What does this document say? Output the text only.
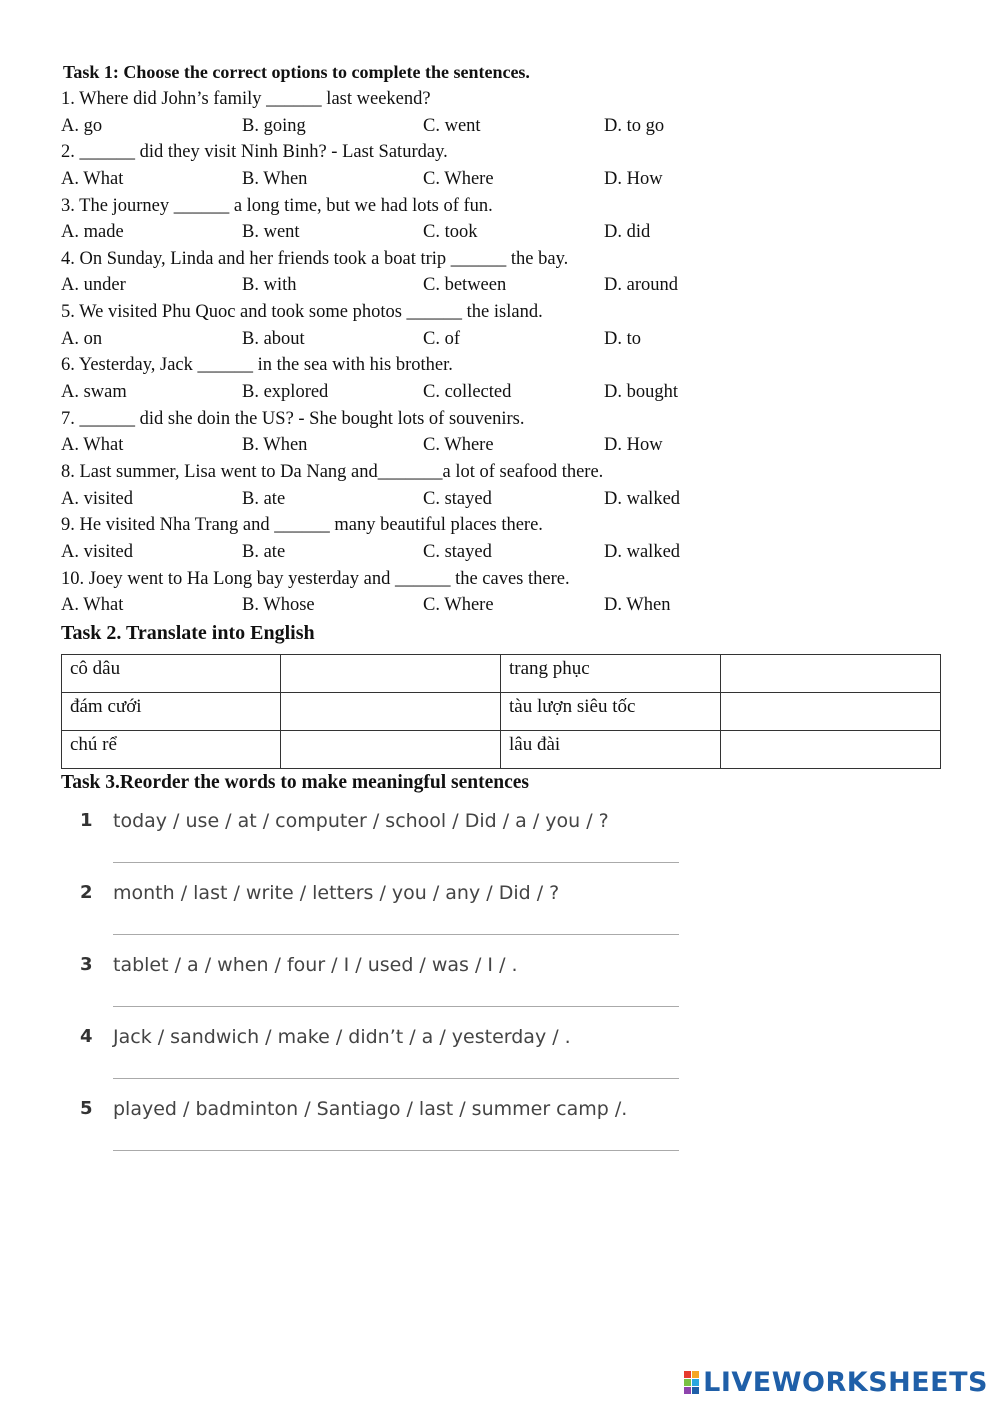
Task 1: Choose the correct options to complete the sentences.
1. Where did John’s family ______ last weekend?
A. go	B. going	C. went	D. to go
2. ______ did they visit Ninh Binh? - Last Saturday.
A. What	B. When	C. Where	D. How
3. The journey ______ a long time, but we had lots of fun.
A. made	B. went	C. took	D. did
4. On Sunday, Linda and her friends took a boat trip ______ the bay.
A. under	B. with	C. between	D. around
5. We visited Phu Quoc and took some photos ______ the island.
A. on	B. about	C. of	D. to
6. Yesterday, Jack ______ in the sea with his brother.
A. swam	B. explored	C. collected	D. bought
7. ______ did she doin the US? - She bought lots of souvenirs.
A. What	B. When	C. Where	D. How
8. Last summer, Lisa went to Da Nang and_______a lot of seafood there.
A. visited	B. ate	C. stayed	D. walked
9. He visited Nha Trang and ______ many beautiful places there.
A. visited	B. ate	C. stayed	D. walked
10. Joey went to Ha Long bay yesterday and ______ the caves there.
A. What	B. Whose	C. Where	D. When
Task 2. Translate into English
cô dâu		trang phục	
đám cưới		tàu lượn siêu tốc	
chú rể		lâu đài	
Task 3.Reorder the words to make meaningful sentences
1	today / use / at / computer / school / Did / a / you / ?
2	month / last / write / letters / you / any / Did / ?
3	tablet / a / when / four / I / used / was / I / .
4	Jack / sandwich / make / didn’t / a / yesterday / .
5	played / badminton / Santiago / last / summer camp /.
LIVEWORKSHEETS
